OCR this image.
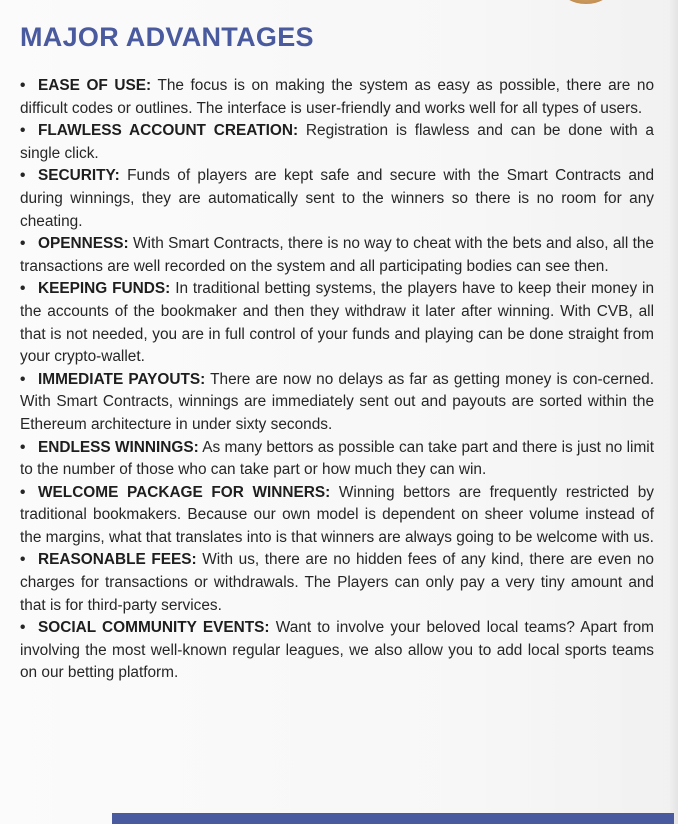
MAJOR ADVANTAGES
• EASE OF USE: The focus is on making the system as easy as possible, there are no difficult codes or outlines. The interface is user-friendly and works well for all types of users.
• FLAWLESS ACCOUNT CREATION: Registration is flawless and can be done with a single click.
• SECURITY: Funds of players are kept safe and secure with the Smart Contracts and during winnings, they are automatically sent to the winners so there is no room for any cheating.
• OPENNESS: With Smart Contracts, there is no way to cheat with the bets and also, all the transactions are well recorded on the system and all participating bodies can see then.
• KEEPING FUNDS: In traditional betting systems, the players have to keep their money in the accounts of the bookmaker and then they withdraw it later after winning. With CVB, all that is not needed, you are in full control of your funds and playing can be done straight from your crypto-wallet.
• IMMEDIATE PAYOUTS: There are now no delays as far as getting money is con-cerned. With Smart Contracts, winnings are immediately sent out and payouts are sorted within the Ethereum architecture in under sixty seconds.
• ENDLESS WINNINGS: As many bettors as possible can take part and there is just no limit to the number of those who can take part or how much they can win.
• WELCOME PACKAGE FOR WINNERS: Winning bettors are frequently restricted by traditional bookmakers. Because our own model is dependent on sheer volume instead of the margins, what that translates into is that winners are always going to be welcome with us.
• REASONABLE FEES: With us, there are no hidden fees of any kind, there are even no charges for transactions or withdrawals. The Players can only pay a very tiny amount and that is for third-party services.
• SOCIAL COMMUNITY EVENTS: Want to involve your beloved local teams? Apart from involving the most well-known regular leagues, we also allow you to add local sports teams on our betting platform.
